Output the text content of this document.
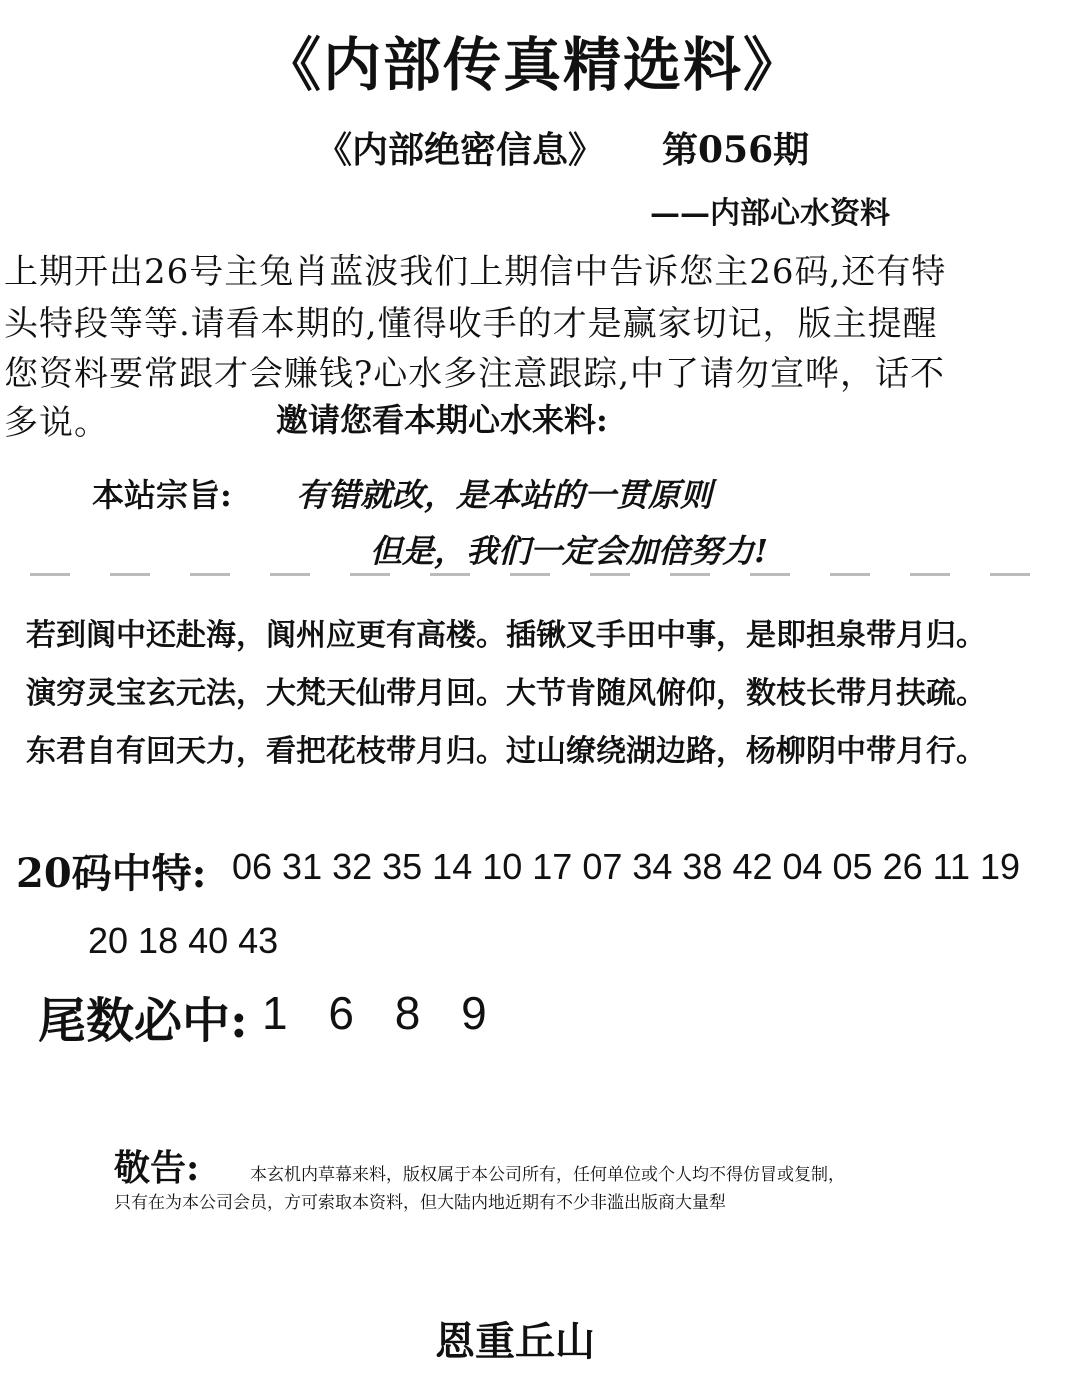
《内部传真精选料》
《内部绝密信息》 第056期
——内部心水资料
上期开出26号主兔肖蓝波我们上期信中告诉您主26码,还有特
头特段等等.请看本期的,懂得收手的才是赢家切记，版主提醒
您资料要常跟才会赚钱?心水多注意跟踪,中了请勿宣哗，话不
多说。	邀请您看本期心水来料:
本站宗旨: 有错就改，是本站的一贯原则
但是，我们一定会加倍努力!
若到阆中还赴海，阆州应更有高楼。插锹叉手田中事，是即担泉带月归。
演穷灵宝玄元法，大梵天仙带月回。大节肯随风俯仰，数枝长带月扶疏。
东君自有回天力，看把花枝带月归。过山缭绕湖边路，杨柳阴中带月行。
20码中特: 06 31 32 35 14 10 17 07 34 38 42 04 05 26 11 19
20 18 40 43
尾数必中: 1 6 8 9
敬告:	本玄机内草幕来料，版权属于本公司所有，任何单位或个人均不得仿冒或复制，
只有在为本公司会员，方可索取本资料，但大陆内地近期有不少非滥出版商大量犁
恩重丘山
